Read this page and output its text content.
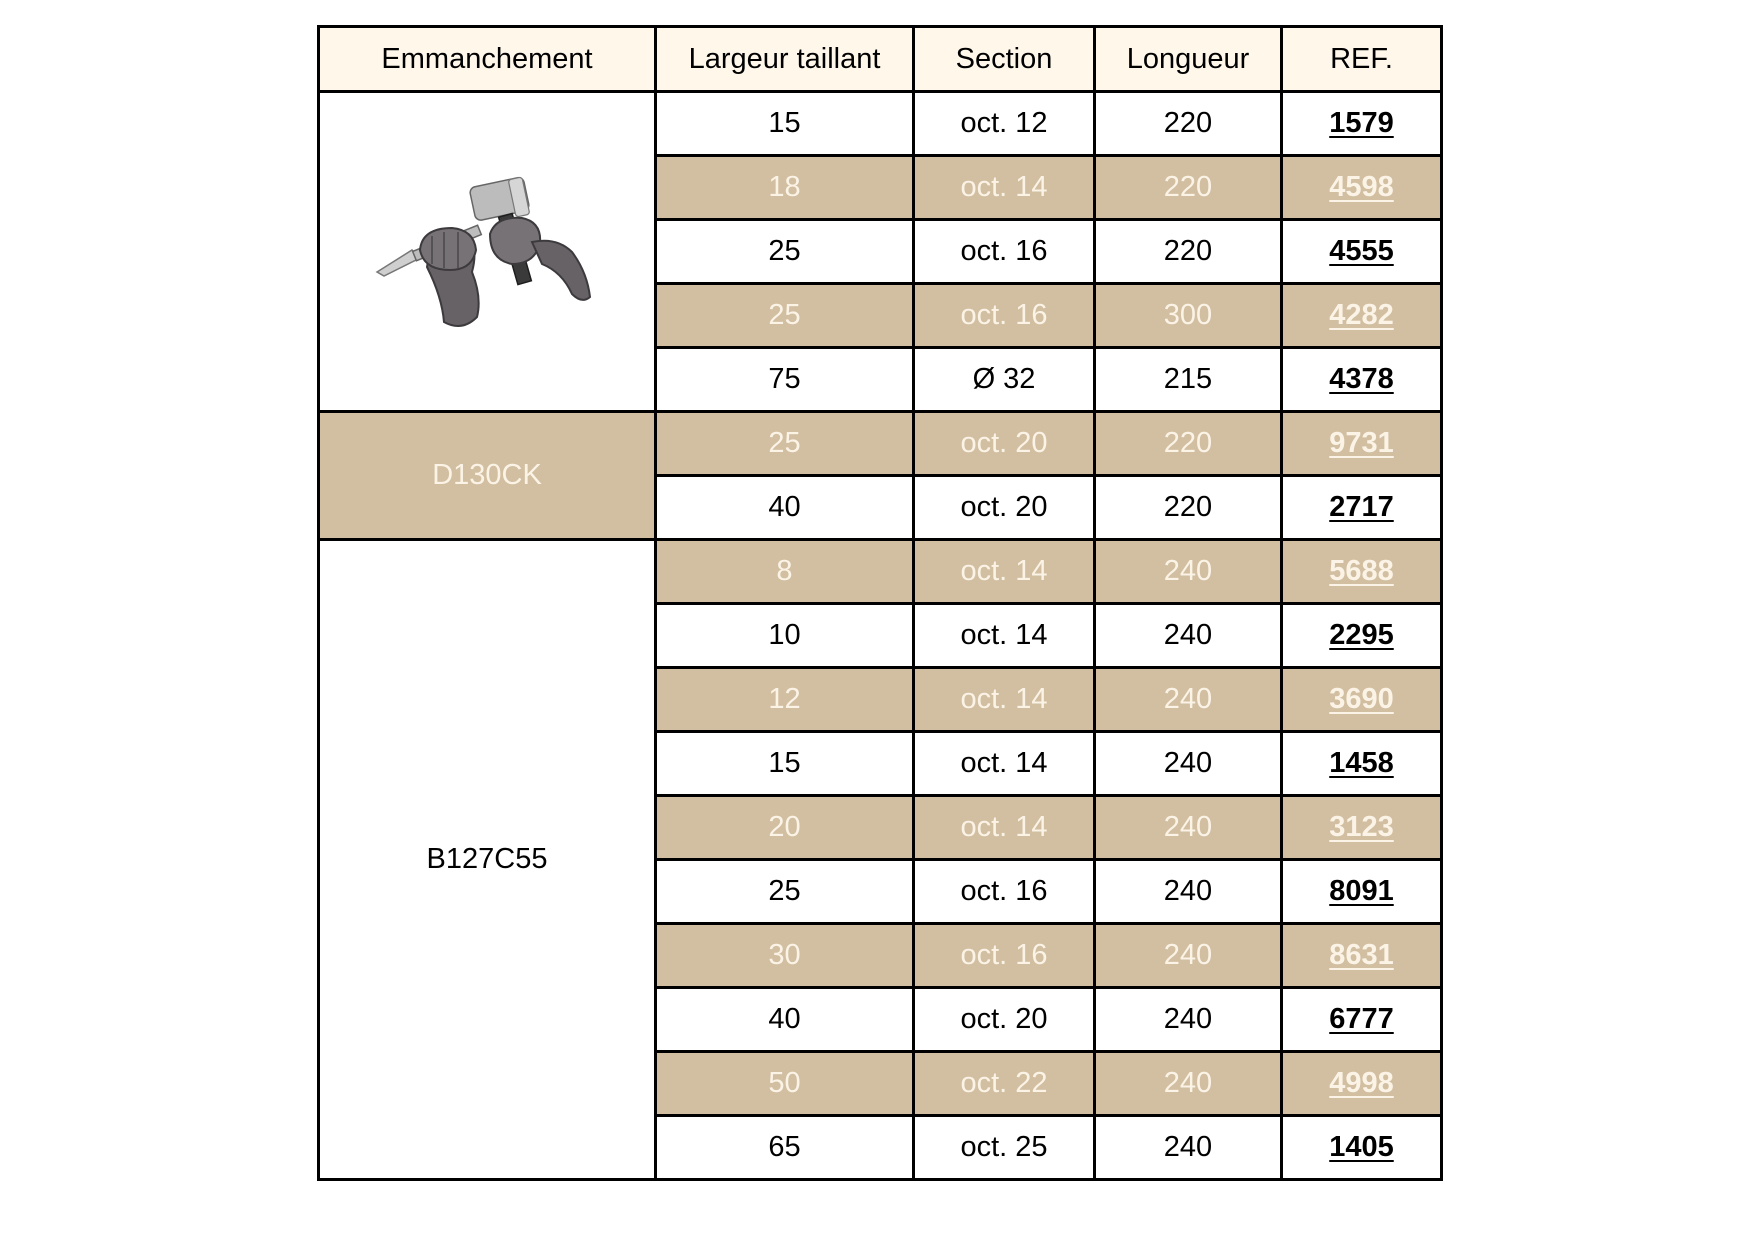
Emmanchement	Largeur taillant	Section	Longueur	REF.

	15	oct. 12	220	1579
	18	oct. 14	220	4598
	25	oct. 16	220	4555
	25	oct. 16	300	4282
	75	Ø 32	215	4378
D130CK	25	oct. 20	220	9731
	40	oct. 20	220	2717
B127C55	8	oct. 14	240	5688
	10	oct. 14	240	2295
	12	oct. 14	240	3690
	15	oct. 14	240	1458
	20	oct. 14	240	3123
	25	oct. 16	240	8091
	30	oct. 16	240	8631
	40	oct. 20	240	6777
	50	oct. 22	240	4998
	65	oct. 25	240	1405
